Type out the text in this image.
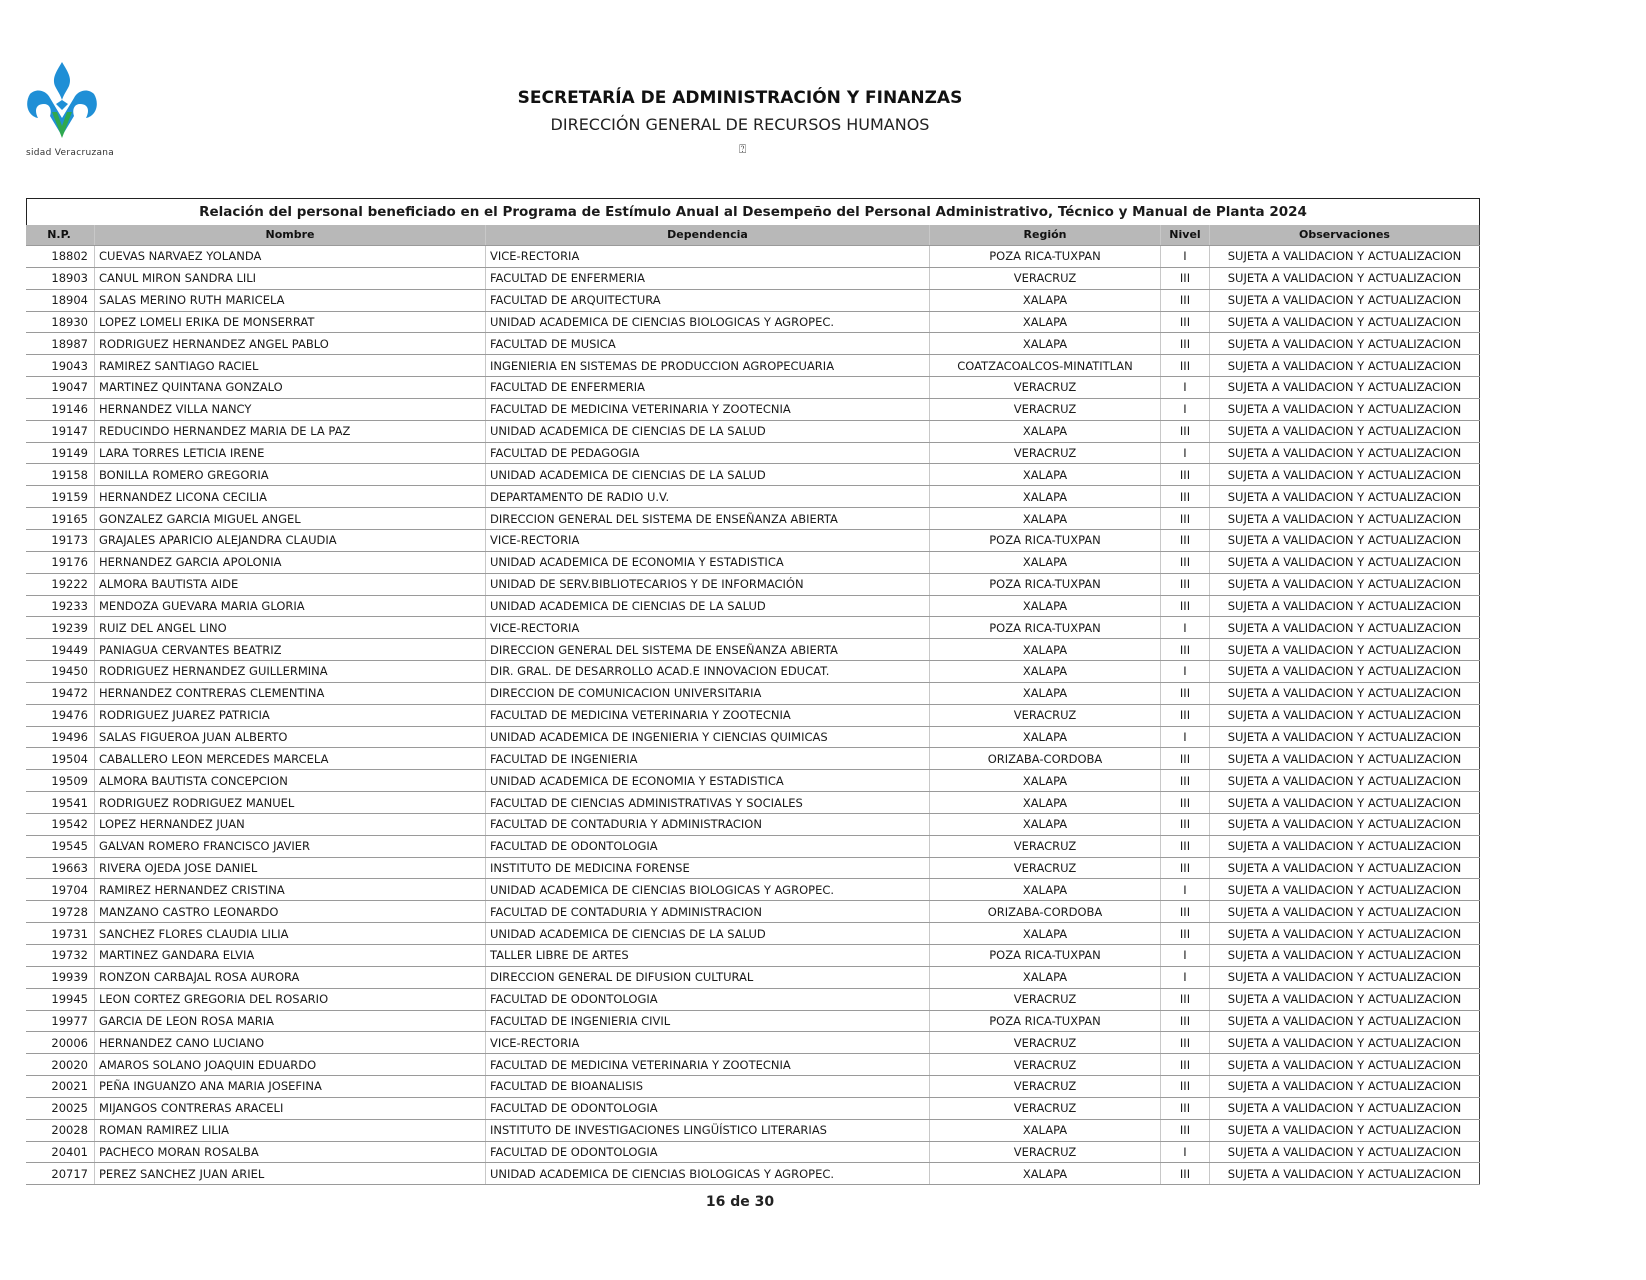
sidad Veracruzana
SECRETARÍA DE ADMINISTRACIÓN Y FINANZAS
DIRECCIÓN GENERAL DE RECURSOS HUMANOS
⍰
Relación del personal beneficiado en el Programa de Estímulo Anual al Desempeño del Personal Administrativo, Técnico y Manual de Planta 2024
N.P.	Nombre	Dependencia	Región	Nivel	Observaciones
18802	CUEVAS NARVAEZ YOLANDA	VICE-RECTORIA	POZA RICA-TUXPAN	I	SUJETA A VALIDACION Y ACTUALIZACION
18903	CANUL MIRON SANDRA LILI	FACULTAD DE ENFERMERIA	VERACRUZ	III	SUJETA A VALIDACION Y ACTUALIZACION
18904	SALAS MERINO RUTH MARICELA	FACULTAD DE ARQUITECTURA	XALAPA	III	SUJETA A VALIDACION Y ACTUALIZACION
18930	LOPEZ LOMELI ERIKA DE MONSERRAT	UNIDAD ACADEMICA DE CIENCIAS BIOLOGICAS Y AGROPEC.	XALAPA	III	SUJETA A VALIDACION Y ACTUALIZACION
18987	RODRIGUEZ HERNANDEZ ANGEL PABLO	FACULTAD DE MUSICA	XALAPA	III	SUJETA A VALIDACION Y ACTUALIZACION
19043	RAMIREZ SANTIAGO RACIEL	INGENIERIA EN SISTEMAS DE PRODUCCION AGROPECUARIA	COATZACOALCOS-MINATITLAN	III	SUJETA A VALIDACION Y ACTUALIZACION
19047	MARTINEZ QUINTANA GONZALO	FACULTAD DE ENFERMERIA	VERACRUZ	I	SUJETA A VALIDACION Y ACTUALIZACION
19146	HERNANDEZ VILLA NANCY	FACULTAD DE MEDICINA VETERINARIA Y ZOOTECNIA	VERACRUZ	I	SUJETA A VALIDACION Y ACTUALIZACION
19147	REDUCINDO HERNANDEZ MARIA DE LA PAZ	UNIDAD ACADEMICA DE CIENCIAS DE LA SALUD	XALAPA	III	SUJETA A VALIDACION Y ACTUALIZACION
19149	LARA TORRES LETICIA IRENE	FACULTAD DE PEDAGOGIA	VERACRUZ	I	SUJETA A VALIDACION Y ACTUALIZACION
19158	BONILLA ROMERO GREGORIA	UNIDAD ACADEMICA DE CIENCIAS DE LA SALUD	XALAPA	III	SUJETA A VALIDACION Y ACTUALIZACION
19159	HERNANDEZ LICONA CECILIA	DEPARTAMENTO DE RADIO U.V.	XALAPA	III	SUJETA A VALIDACION Y ACTUALIZACION
19165	GONZALEZ GARCIA MIGUEL ANGEL	DIRECCION GENERAL DEL SISTEMA DE ENSEÑANZA ABIERTA	XALAPA	III	SUJETA A VALIDACION Y ACTUALIZACION
19173	GRAJALES APARICIO ALEJANDRA CLAUDIA	VICE-RECTORIA	POZA RICA-TUXPAN	III	SUJETA A VALIDACION Y ACTUALIZACION
19176	HERNANDEZ GARCIA APOLONIA	UNIDAD ACADEMICA DE ECONOMIA Y ESTADISTICA	XALAPA	III	SUJETA A VALIDACION Y ACTUALIZACION
19222	ALMORA BAUTISTA AIDE	UNIDAD DE SERV.BIBLIOTECARIOS Y DE INFORMACIÓN	POZA RICA-TUXPAN	III	SUJETA A VALIDACION Y ACTUALIZACION
19233	MENDOZA GUEVARA MARIA GLORIA	UNIDAD ACADEMICA DE CIENCIAS DE LA SALUD	XALAPA	III	SUJETA A VALIDACION Y ACTUALIZACION
19239	RUIZ DEL ANGEL LINO	VICE-RECTORIA	POZA RICA-TUXPAN	I	SUJETA A VALIDACION Y ACTUALIZACION
19449	PANIAGUA CERVANTES BEATRIZ	DIRECCION GENERAL DEL SISTEMA DE ENSEÑANZA ABIERTA	XALAPA	III	SUJETA A VALIDACION Y ACTUALIZACION
19450	RODRIGUEZ HERNANDEZ GUILLERMINA	DIR. GRAL. DE DESARROLLO ACAD.E INNOVACION EDUCAT.	XALAPA	I	SUJETA A VALIDACION Y ACTUALIZACION
19472	HERNANDEZ CONTRERAS CLEMENTINA	DIRECCION DE COMUNICACION UNIVERSITARIA	XALAPA	III	SUJETA A VALIDACION Y ACTUALIZACION
19476	RODRIGUEZ JUAREZ PATRICIA	FACULTAD DE MEDICINA VETERINARIA Y ZOOTECNIA	VERACRUZ	III	SUJETA A VALIDACION Y ACTUALIZACION
19496	SALAS FIGUEROA JUAN ALBERTO	UNIDAD ACADEMICA DE INGENIERIA Y CIENCIAS QUIMICAS	XALAPA	I	SUJETA A VALIDACION Y ACTUALIZACION
19504	CABALLERO LEON MERCEDES MARCELA	FACULTAD DE INGENIERIA	ORIZABA-CORDOBA	III	SUJETA A VALIDACION Y ACTUALIZACION
19509	ALMORA BAUTISTA CONCEPCION	UNIDAD ACADEMICA DE ECONOMIA Y ESTADISTICA	XALAPA	III	SUJETA A VALIDACION Y ACTUALIZACION
19541	RODRIGUEZ RODRIGUEZ MANUEL	FACULTAD DE CIENCIAS ADMINISTRATIVAS Y SOCIALES	XALAPA	III	SUJETA A VALIDACION Y ACTUALIZACION
19542	LOPEZ HERNANDEZ JUAN	FACULTAD DE CONTADURIA Y ADMINISTRACION	XALAPA	III	SUJETA A VALIDACION Y ACTUALIZACION
19545	GALVAN ROMERO FRANCISCO JAVIER	FACULTAD DE ODONTOLOGIA	VERACRUZ	III	SUJETA A VALIDACION Y ACTUALIZACION
19663	RIVERA OJEDA JOSE DANIEL	INSTITUTO DE MEDICINA FORENSE	VERACRUZ	III	SUJETA A VALIDACION Y ACTUALIZACION
19704	RAMIREZ HERNANDEZ CRISTINA	UNIDAD ACADEMICA DE CIENCIAS BIOLOGICAS Y AGROPEC.	XALAPA	I	SUJETA A VALIDACION Y ACTUALIZACION
19728	MANZANO CASTRO LEONARDO	FACULTAD DE CONTADURIA Y ADMINISTRACION	ORIZABA-CORDOBA	III	SUJETA A VALIDACION Y ACTUALIZACION
19731	SANCHEZ FLORES CLAUDIA LILIA	UNIDAD ACADEMICA DE CIENCIAS DE LA SALUD	XALAPA	III	SUJETA A VALIDACION Y ACTUALIZACION
19732	MARTINEZ GANDARA ELVIA	TALLER LIBRE DE ARTES	POZA RICA-TUXPAN	I	SUJETA A VALIDACION Y ACTUALIZACION
19939	RONZON CARBAJAL ROSA AURORA	DIRECCION GENERAL DE DIFUSION CULTURAL	XALAPA	I	SUJETA A VALIDACION Y ACTUALIZACION
19945	LEON CORTEZ GREGORIA DEL ROSARIO	FACULTAD DE ODONTOLOGIA	VERACRUZ	III	SUJETA A VALIDACION Y ACTUALIZACION
19977	GARCIA DE LEON ROSA MARIA	FACULTAD DE INGENIERIA CIVIL	POZA RICA-TUXPAN	III	SUJETA A VALIDACION Y ACTUALIZACION
20006	HERNANDEZ CANO LUCIANO	VICE-RECTORIA	VERACRUZ	III	SUJETA A VALIDACION Y ACTUALIZACION
20020	AMAROS SOLANO JOAQUIN EDUARDO	FACULTAD DE MEDICINA VETERINARIA Y ZOOTECNIA	VERACRUZ	III	SUJETA A VALIDACION Y ACTUALIZACION
20021	PEÑA INGUANZO ANA MARIA JOSEFINA	FACULTAD DE BIOANALISIS	VERACRUZ	III	SUJETA A VALIDACION Y ACTUALIZACION
20025	MIJANGOS CONTRERAS ARACELI	FACULTAD DE ODONTOLOGIA	VERACRUZ	III	SUJETA A VALIDACION Y ACTUALIZACION
20028	ROMAN RAMIREZ LILIA	INSTITUTO DE INVESTIGACIONES LINGÜÍSTICO LITERARIAS	XALAPA	III	SUJETA A VALIDACION Y ACTUALIZACION
20401	PACHECO MORAN ROSALBA	FACULTAD DE ODONTOLOGIA	VERACRUZ	I	SUJETA A VALIDACION Y ACTUALIZACION
20717	PEREZ SANCHEZ JUAN ARIEL	UNIDAD ACADEMICA DE CIENCIAS BIOLOGICAS Y AGROPEC.	XALAPA	III	SUJETA A VALIDACION Y ACTUALIZACION
16 de 30
